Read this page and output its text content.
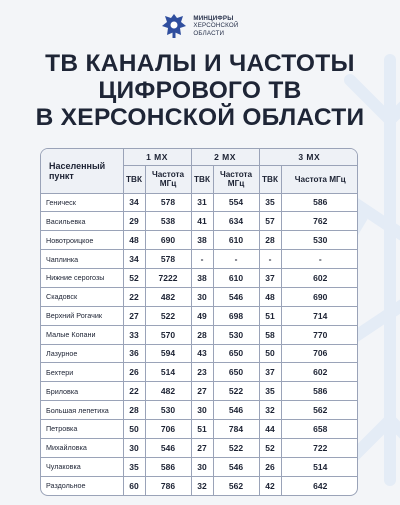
МИНЦИФРЫ
ХЕРСОНСКОЙ
ОБЛАСТИ
ТВ КАНАЛЫ И ЧАСТОТЫ
ЦИФРОВОГО ТВ
В ХЕРСОНСКОЙ ОБЛАСТИ
Населенный пункт	1 МХ		2 МХ		3 МХ	
	ТВК	Частота МГц	ТВК	Частота МГц	ТВК	Частота МГц
Геническ	34	578	31	554	35	586
Васильевка	29	538	41	634	57	762
Новотроицкое	48	690	38	610	28	530
Чаплинка	34	578	-	-	-	-
Нижние серогозы	52	7222	38	610	37	602
Скадовск	22	482	30	546	48	690
Верхний Рогачик	27	522	49	698	51	714
Малые Копани	33	570	28	530	58	770
Лазурное	36	594	43	650	50	706
Бехтери	26	514	23	650	37	602
Бриловка	22	482	27	522	35	586
Большая лепетиха	28	530	30	546	32	562
Петровка	50	706	51	784	44	658
Михайловка	30	546	27	522	52	722
Чулаковка	35	586	30	546	26	514
Раздольное	60	786	32	562	42	642
